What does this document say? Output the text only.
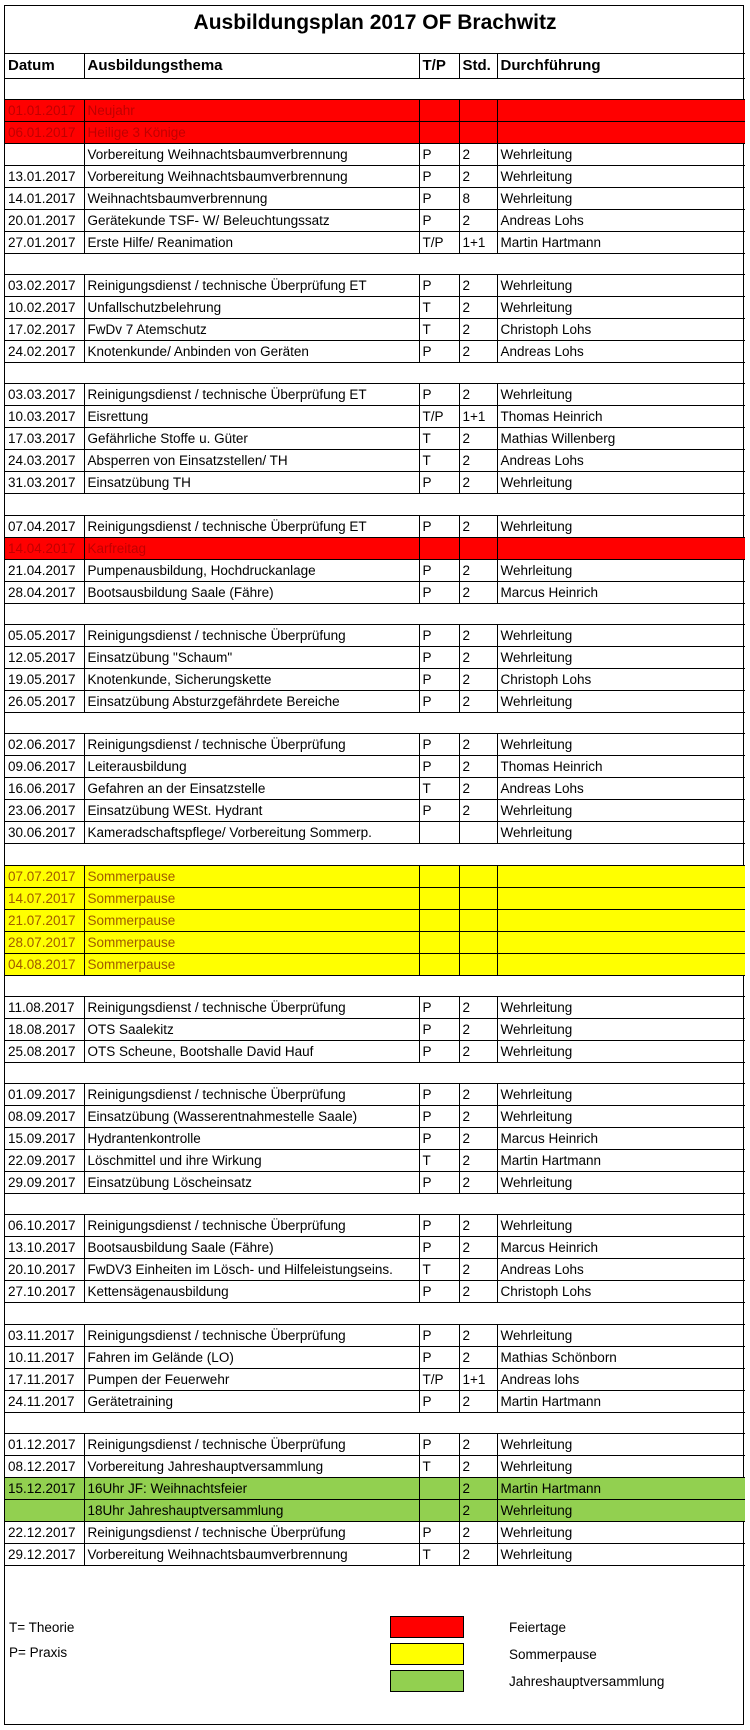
Ausbildungsplan 2017 OF Brachwitz
Datum	Ausbildungsthema	T/P	Std.	Durchführung

01.01.2017	Neujahr			
06.01.2017	Heilige 3 Könige			
	Vorbereitung Weihnachtsbaumverbrennung	P	2	Wehrleitung
13.01.2017	Vorbereitung Weihnachtsbaumverbrennung	P	2	Wehrleitung
14.01.2017	Weihnachtsbaumverbrennung	P	8	Wehrleitung
20.01.2017	Gerätekunde TSF- W/ Beleuchtungssatz	P	2	Andreas Lohs
27.01.2017	Erste Hilfe/ Reanimation	T/P	1+1	Martin Hartmann

03.02.2017	Reinigungsdienst / technische Überprüfung ET	P	2	Wehrleitung
10.02.2017	Unfallschutzbelehrung	T	2	Wehrleitung
17.02.2017	FwDv 7 Atemschutz	T	2	Christoph Lohs
24.02.2017	Knotenkunde/ Anbinden von Geräten	P	2	Andreas Lohs

03.03.2017	Reinigungsdienst / technische Überprüfung ET	P	2	Wehrleitung
10.03.2017	Eisrettung	T/P	1+1	Thomas Heinrich
17.03.2017	Gefährliche Stoffe u. Güter	T	2	Mathias Willenberg
24.03.2017	Absperren von Einsatzstellen/ TH	T	2	Andreas Lohs
31.03.2017	Einsatzübung TH	P	2	Wehrleitung

07.04.2017	Reinigungsdienst / technische Überprüfung ET	P	2	Wehrleitung
14.04.2017	Karfreitag			
21.04.2017	Pumpenausbildung, Hochdruckanlage	P	2	Wehrleitung
28.04.2017	Bootsausbildung Saale (Fähre)	P	2	Marcus Heinrich

05.05.2017	Reinigungsdienst / technische Überprüfung	P	2	Wehrleitung
12.05.2017	Einsatzübung "Schaum"	P	2	Wehrleitung
19.05.2017	Knotenkunde, Sicherungskette	P	2	Christoph Lohs
26.05.2017	Einsatzübung Absturzgefährdete Bereiche	P	2	Wehrleitung

02.06.2017	Reinigungsdienst / technische Überprüfung	P	2	Wehrleitung
09.06.2017	Leiterausbildung	P	2	Thomas Heinrich
16.06.2017	Gefahren an der Einsatzstelle	T	2	Andreas Lohs
23.06.2017	Einsatzübung WESt. Hydrant	P	2	Wehrleitung
30.06.2017	Kameradschaftspflege/ Vorbereitung Sommerp.			Wehrleitung

07.07.2017	Sommerpause			
14.07.2017	Sommerpause			
21.07.2017	Sommerpause			
28.07.2017	Sommerpause			
04.08.2017	Sommerpause			

11.08.2017	Reinigungsdienst / technische Überprüfung	P	2	Wehrleitung
18.08.2017	OTS Saalekitz	P	2	Wehrleitung
25.08.2017	OTS Scheune, Bootshalle David Hauf	P	2	Wehrleitung

01.09.2017	Reinigungsdienst / technische Überprüfung	P	2	Wehrleitung
08.09.2017	Einsatzübung (Wasserentnahmestelle Saale)	P	2	Wehrleitung
15.09.2017	Hydrantenkontrolle	P	2	Marcus Heinrich
22.09.2017	Löschmittel und ihre Wirkung	T	2	Martin Hartmann
29.09.2017	Einsatzübung Löscheinsatz	P	2	Wehrleitung

06.10.2017	Reinigungsdienst / technische Überprüfung	P	2	Wehrleitung
13.10.2017	Bootsausbildung Saale (Fähre)	P	2	Marcus Heinrich
20.10.2017	FwDV3 Einheiten im Lösch- und Hilfeleistungseins.	T	2	Andreas Lohs
27.10.2017	Kettensägenausbildung	P	2	Christoph Lohs

03.11.2017	Reinigungsdienst / technische Überprüfung	P	2	Wehrleitung
10.11.2017	Fahren im Gelände (LO)	P	2	Mathias Schönborn
17.11.2017	Pumpen der Feuerwehr	T/P	1+1	Andreas lohs
24.11.2017	Gerätetraining	P	2	Martin Hartmann

01.12.2017	Reinigungsdienst / technische Überprüfung	P	2	Wehrleitung
08.12.2017	Vorbereitung Jahreshauptversammlung	T	2	Wehrleitung
15.12.2017	16Uhr JF: Weihnachtsfeier		2	Martin Hartmann
	18Uhr Jahreshauptversammlung		2	Wehrleitung
22.12.2017	Reinigungsdienst / technische Überprüfung	P	2	Wehrleitung
29.12.2017	Vorbereitung Weihnachtsbaumverbrennung	T	2	Wehrleitung
T= Theorie
P= Praxis
Feiertage
Sommerpause
Jahreshauptversammlung
